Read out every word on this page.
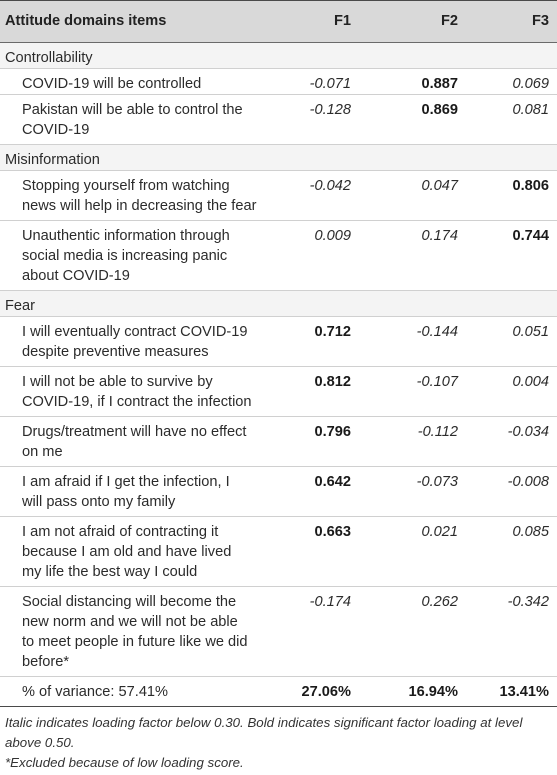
Attitude domains items	F1	F2	F3
Controllability
COVID-19 will be controlled	-0.071	0.887	0.069
Pakistan will be able to control the
COVID-19
-0.128	0.869	0.081
Misinformation
Stopping yourself from watching
news will help in decreasing the fear
-0.042	0.047	0.806
Unauthentic information through
social media is increasing panic
about COVID-19
0.009	0.174	0.744
Fear
I will eventually contract COVID-19
despite preventive measures
0.712	-0.144	0.051
I will not be able to survive by
COVID-19, if I contract the infection
0.812	-0.107	0.004
Drugs/treatment will have no effect
on me
0.796	-0.112	-0.034
I am afraid if I get the infection, I
will pass onto my family
0.642	-0.073	-0.008
I am not afraid of contracting it
because I am old and have lived
my life the best way I could
0.663	0.021	0.085
Social distancing will become the
new norm and we will not be able
to meet people in future like we did
before*
-0.174	0.262	-0.342
% of variance: 57.41%	27.06%	16.94%	13.41%
Italic indicates loading factor below 0.30. Bold indicates significant factor loading at level above 0.50.
*Excluded because of low loading score.
